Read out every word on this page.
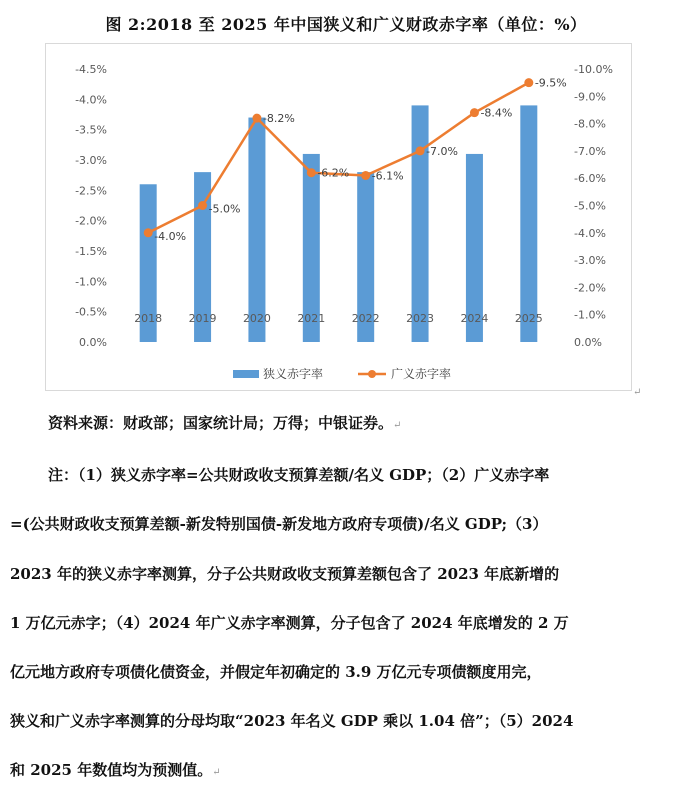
图 2:2018 至 2025 年中国狭义和广义财政赤字率（单位：%）
-4.5%
-4.0%
-3.5%
-3.0%
-2.5%
-2.0%
-1.5%
-1.0%
-0.5%
0.0%
-10.0%
-9.0%
-8.0%
-7.0%
-6.0%
-5.0%
-4.0%
-3.0%
-2.0%
-1.0%
0.0%
2018 2019 2020 2021 2022 2023 2024 2025
-4.0%
-5.0%
-8.2%
-6.2% -6.1%
-7.0%
-8.4%
-9.5%
狭义赤字率	广义赤字率
↵
资料来源：财政部；国家统计局；万得；中银证券。↵
注：（1）狭义赤字率=公共财政收支预算差额/名义 GDP；（2）广义赤字率
=(公共财政收支预算差额-新发特别国债-新发地方政府专项债)/名义 GDP;（3）
2023 年的狭义赤字率测算，分子公共财政收支预算差额包含了 2023 年底新增的
1 万亿元赤字；（4）2024 年广义赤字率测算，分子包含了 2024 年底增发的 2 万
亿元地方政府专项债化债资金，并假定年初确定的 3.9 万亿元专项债额度用完，
狭义和广义赤字率测算的分母均取“2023 年名义 GDP 乘以 1.04 倍”；（5）2024
和 2025 年数值均为预测值。↵
